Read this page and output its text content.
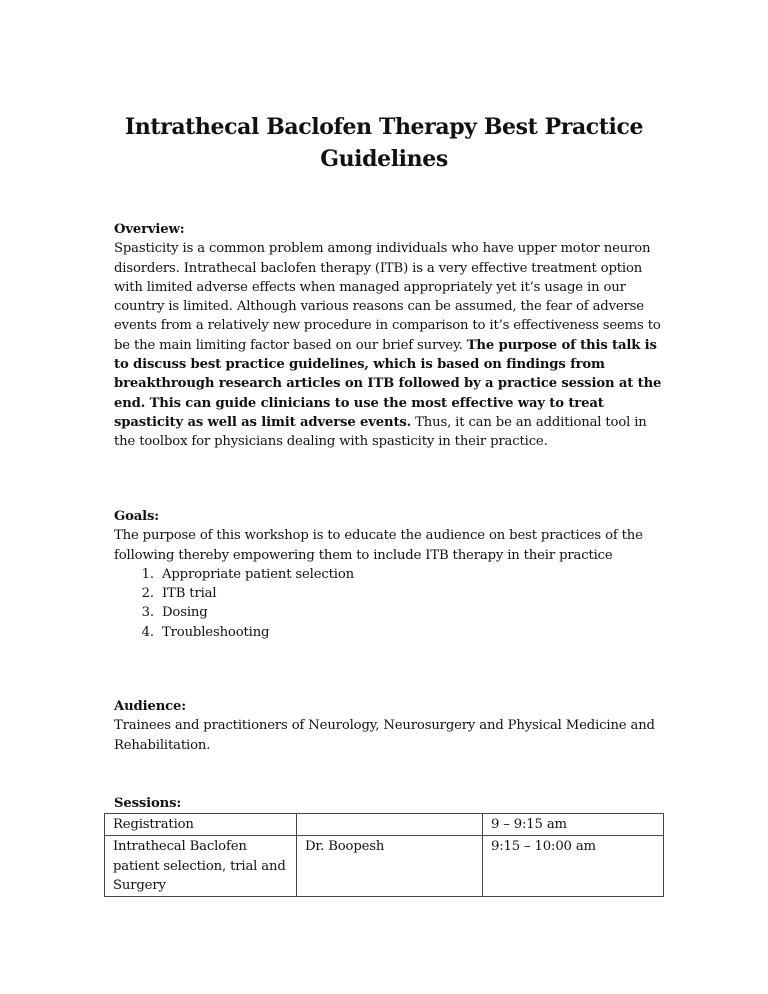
Intrathecal Baclofen Therapy Best Practice
Guidelines
Overview:
Spasticity is a common problem among individuals who have upper motor neuron disorders. Intrathecal baclofen therapy (ITB) is a very effective treatment option with limited adverse effects when managed appropriately yet it’s usage in our country is limited. Although various reasons can be assumed, the fear of adverse events from a relatively new procedure in comparison to it’s effectiveness seems to be the main limiting factor based on our brief survey. The purpose of this talk is to discuss best practice guidelines, which is based on findings from breakthrough research articles on ITB followed by a practice session at the end. This can guide clinicians to use the most effective way to treat spasticity as well as limit adverse events. Thus, it can be an additional tool in the toolbox for physicians dealing with spasticity in their practice.
Goals:
The purpose of this workshop is to educate the audience on best practices of the following thereby empowering them to include ITB therapy in their practice
1. Appropriate patient selection
2. ITB trial
3. Dosing
4. Troubleshooting
Audience:
Trainees and practitioners of Neurology, Neurosurgery and Physical Medicine and Rehabilitation.
Sessions:
Registration		9 – 9:15 am
Intrathecal Baclofen patient selection, trial and Surgery	Dr. Boopesh	9:15 – 10:00 am
